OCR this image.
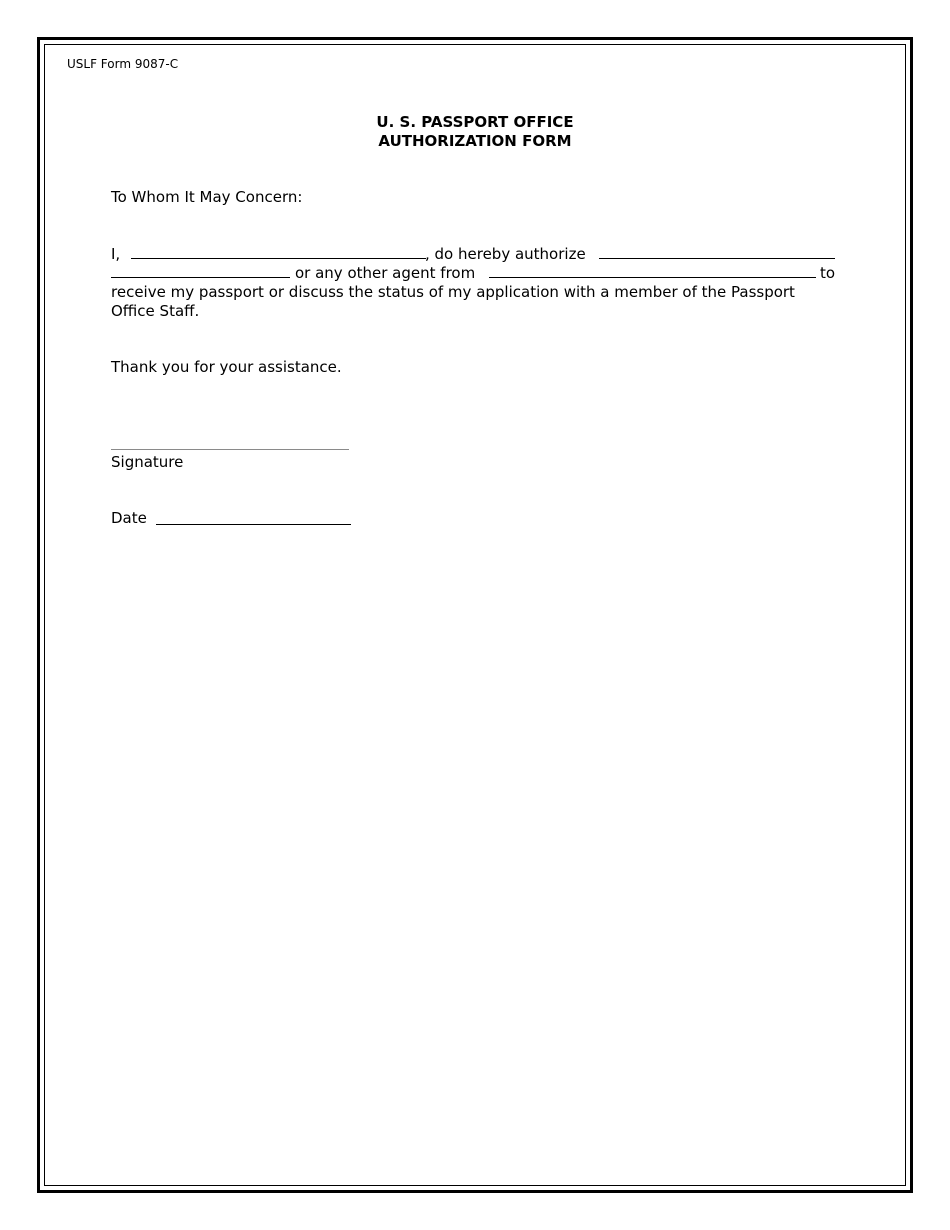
USLF Form 9087-C
U. S. PASSPORT OFFICE
AUTHORIZATION FORM
To Whom It May Concern:
I,	, do hereby authorize
or any other agent from	to
receive my passport or discuss the status of my application with a member of the Passport
Office Staff.
Thank you for your assistance.
Signature
Date
